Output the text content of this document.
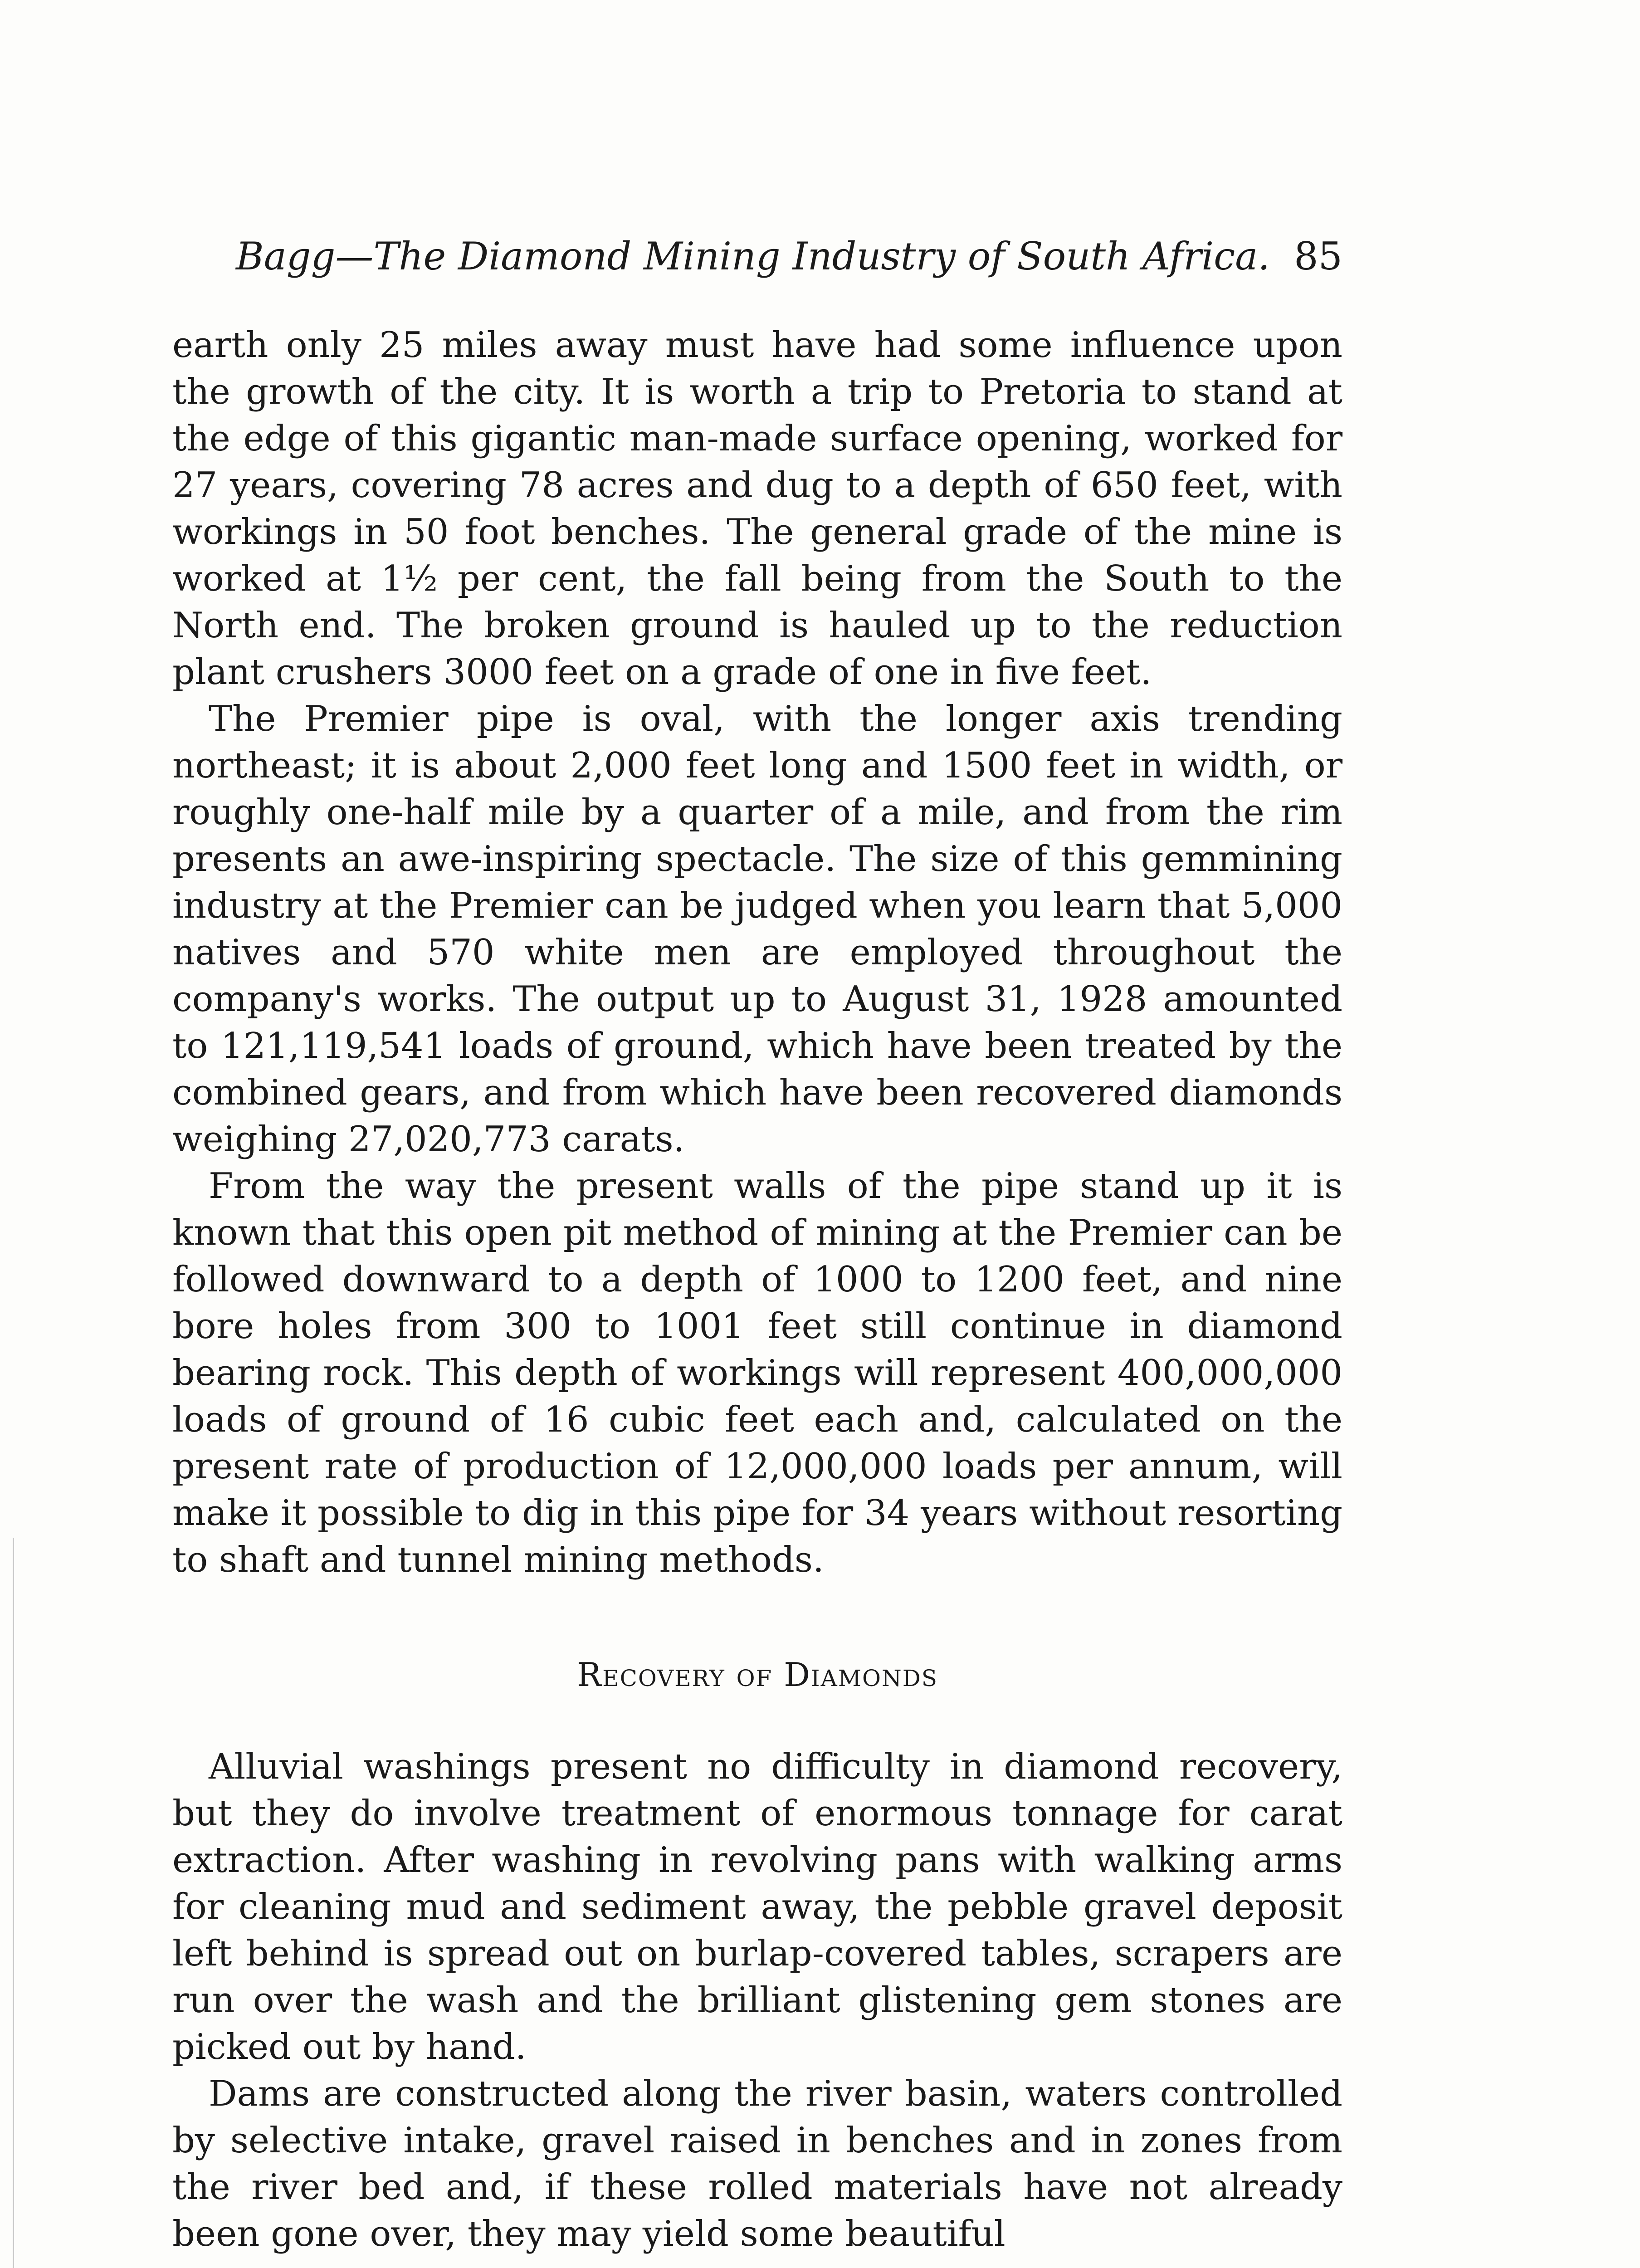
Bagg—The Diamond Mining Industry of South Africa. 85

earth only 25 miles away must have had some influence upon the growth of the city. It is worth a trip to Pretoria to stand at the edge of this gigantic man-made surface opening, worked for 27 years, covering 78 acres and dug to a depth of 650 feet, with workings in 50 foot benches. The general grade of the mine is worked at 1½ per cent, the fall being from the South to the North end. The broken ground is hauled up to the reduction plant crushers 3000 feet on a grade of one in five feet.

The Premier pipe is oval, with the longer axis trending northeast; it is about 2,000 feet long and 1500 feet in width, or roughly one-half mile by a quarter of a mile, and from the rim presents an awe-inspiring spectacle. The size of this gemmining industry at the Premier can be judged when you learn that 5,000 natives and 570 white men are employed throughout the company's works. The output up to August 31, 1928 amounted to 121,119,541 loads of ground, which have been treated by the combined gears, and from which have been recovered diamonds weighing 27,020,773 carats.

From the way the present walls of the pipe stand up it is known that this open pit method of mining at the Premier can be followed downward to a depth of 1000 to 1200 feet, and nine bore holes from 300 to 1001 feet still continue in diamond bearing rock. This depth of workings will represent 400,000,000 loads of ground of 16 cubic feet each and, calculated on the present rate of production of 12,000,000 loads per annum, will make it possible to dig in this pipe for 34 years without resorting to shaft and tunnel mining methods.

Recovery of Diamonds

Alluvial washings present no difficulty in diamond recovery, but they do involve treatment of enormous tonnage for carat extraction. After washing in revolving pans with walking arms for cleaning mud and sediment away, the pebble gravel deposit left behind is spread out on burlap-covered tables, scrapers are run over the wash and the brilliant glistening gem stones are picked out by hand.

Dams are constructed along the river basin, waters controlled by selective intake, gravel raised in benches and in zones from the river bed and, if these rolled materials have not already been gone over, they may yield some beautiful
